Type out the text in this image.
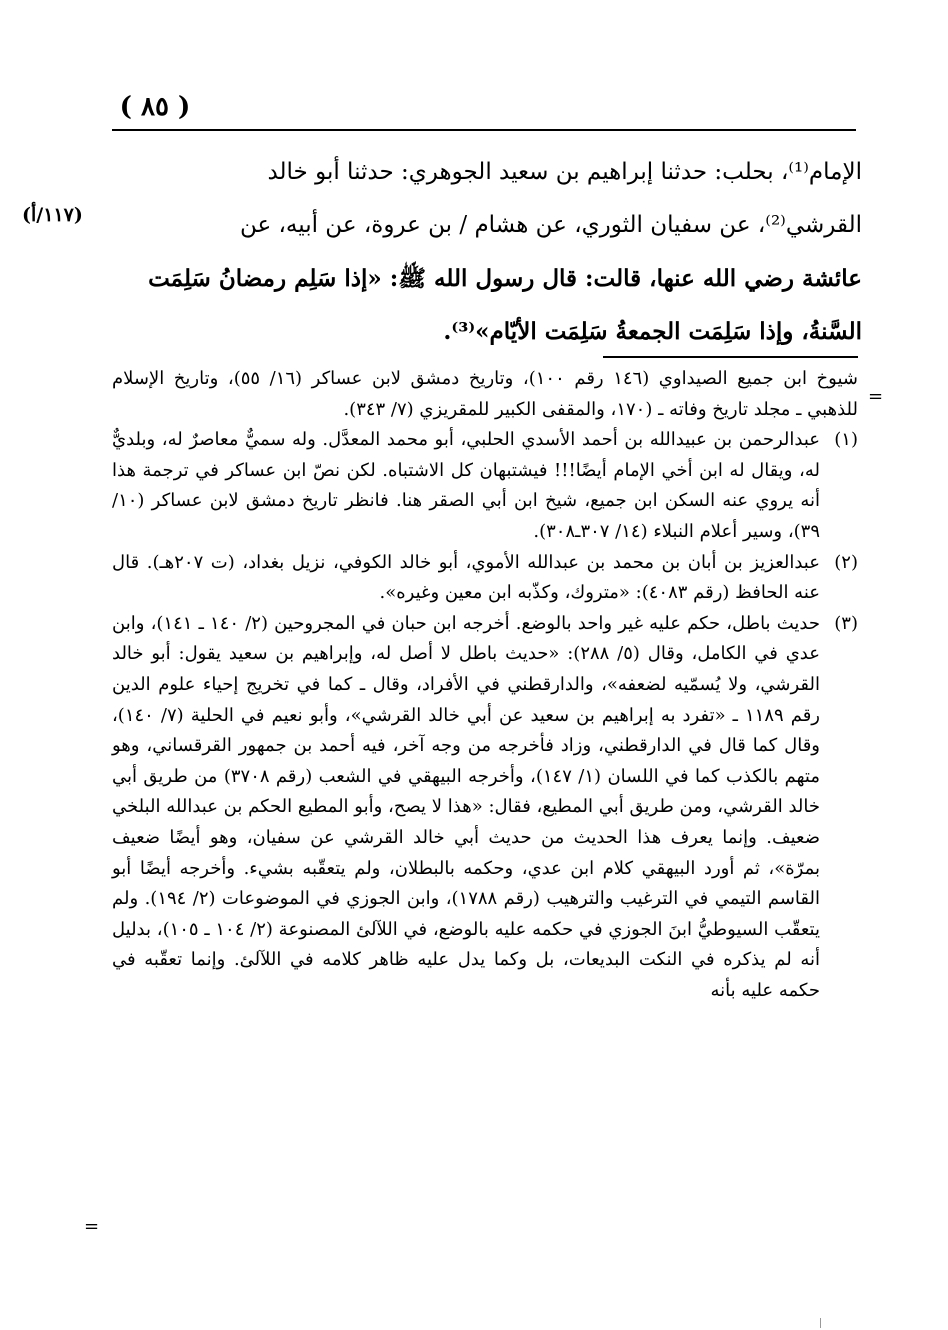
( ٨٥ )
(١١٧/أ)

الإمام⁽¹⁾، بحلب: حدثنا إبراهيم بن سعيد الجوهري: حدثنا أبو خالد

القرشي⁽²⁾، عن سفيان الثوري، عن هشام / بن عروة، عن أبيه، عن

عائشة رضي الله عنها، قالت: قال رسول الله ﷺ: «إذا سَلِم رمضانُ سَلِمَت

السَّنةُ، وإذا سَلِمَت الجمعةُ سَلِمَت الأيّام»⁽³⁾.

=

شيوخ ابن جميع الصيداوي (١٤٦ رقم ١٠٠)، وتاريخ دمشق لابن عساكر (١٦/ ٥٥)، وتاريخ الإسلام للذهبي ـ مجلد تاريخ وفاته ـ (١٧٠، والمقفى الكبير للمقريزي (٧/ ٣٤٣).

(١)
عبدالرحمن بن عبيدالله بن أحمد الأسدي الحلبي، أبو محمد المعدَّل. وله سميٌّ معاصرٌ له، وبلديٌّ له، ويقال له ابن أخي الإمام أيضًا!!! فيشتبهان كل الاشتباه. لكن نصّ ابن عساكر في ترجمة هذا أنه يروي عنه السكن ابن جميع، شيخ ابن أبي الصقر هنا. فانظر تاريخ دمشق لابن عساكر (١٠/ ٣٩)، وسير أعلام النبلاء (١٤/ ٣٠٧ـ٣٠٨).

(٢)
عبدالعزيز بن أبان بن محمد بن عبدالله الأموي، أبو خالد الكوفي، نزيل بغداد، (ت ٢٠٧هـ). قال عنه الحافظ (رقم ٤٠٨٣): «متروك، وكذّبه ابن معين وغيره».

(٣)
حديث باطل، حكم عليه غير واحد بالوضع. أخرجه ابن حبان في المجروحين (٢/ ١٤٠ ـ ١٤١)، وابن عدي في الكامل، وقال (٥/ ٢٨٨): «حديث باطل لا أصل له، وإبراهيم بن سعيد يقول: أبو خالد القرشي، ولا يُسمّيه لضعفه»، والدارقطني في الأفراد، وقال ـ كما في تخريج إحياء علوم الدين رقم ١١٨٩ ـ «تفرد به إبراهيم بن سعيد عن أبي خالد القرشي»، وأبو نعيم في الحلية (٧/ ١٤٠)، وقال كما قال في الدارقطني، وزاد فأخرجه من وجه آخر، فيه أحمد بن جمهور القرقساني، وهو متهم بالكذب كما في اللسان (١/ ١٤٧)، وأخرجه البيهقي في الشعب (رقم ٣٧٠٨) من طريق أبي خالد القرشي، ومن طريق أبي المطيع، فقال: «هذا لا يصح، وأبو المطيع الحكم بن عبدالله البلخي ضعيف. وإنما يعرف هذا الحديث من حديث أبي خالد القرشي عن سفيان، وهو أيضًا ضعيف بمرّة»، ثم أورد البيهقي كلام ابن عدي، وحكمه بالبطلان، ولم يتعقّبه بشيء. وأخرجه أيضًا أبو القاسم التيمي في الترغيب والترهيب (رقم ١٧٨٨)، وابن الجوزي في الموضوعات (٢/ ١٩٤). ولم يتعقّب السيوطيُّ ابنَ الجوزي في حكمه عليه بالوضع، في اللآلئ المصنوعة (٢/ ١٠٤ ـ ١٠٥)، بدليل أنه لم يذكره في النكت البديعات، بل وكما يدل عليه ظاهر كلامه في اللآلئ. وإنما تعقّبه في حكمه عليه بأنه

=
